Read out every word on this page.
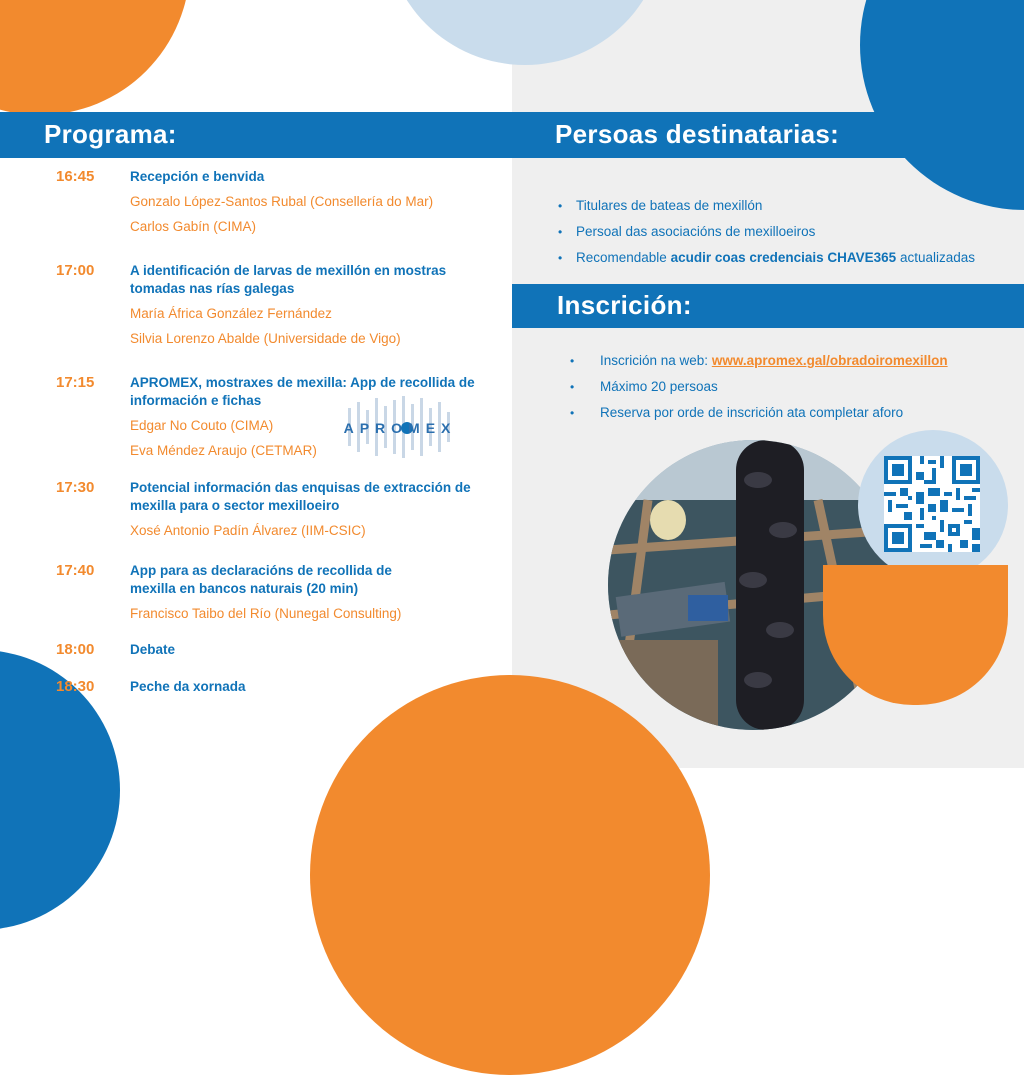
Programa:	Persoas destinatarias:
16:45	Recepción e benvida
Gonzalo López-Santos Rubal (Consellería do Mar)
Carlos Gabín (CIMA)
17:00	A identificación de larvas de mexillón en mostras tomadas nas rías galegas
María África González Fernández
Silvia Lorenzo Abalde (Universidade de Vigo)
17:15	APROMEX, mostraxes de mexilla: App de recollida de información e fichas
Edgar No Couto (CIMA)
Eva Méndez Araujo (CETMAR)
17:30	Potencial información das enquisas de extracción de mexilla para o sector mexilloeiro
Xosé Antonio Padín Álvarez (IIM-CSIC)
17:40	App para as declaracións de recollida de mexilla en bancos naturais (20 min)
Francisco Taibo del Río (Nunegal Consulting)
18:00	Debate
18:30	Peche da xornada
APROMEX
• Titulares de bateas de mexillón
• Persoal das asociacións de mexilloeiros
• Recomendable acudir coas credenciais CHAVE365 actualizadas
Inscrición:
• Inscrición na web: www.apromex.gal/obradoiromexillon
• Máximo 20 persoas
• Reserva por orde de inscrición ata completar aforo
